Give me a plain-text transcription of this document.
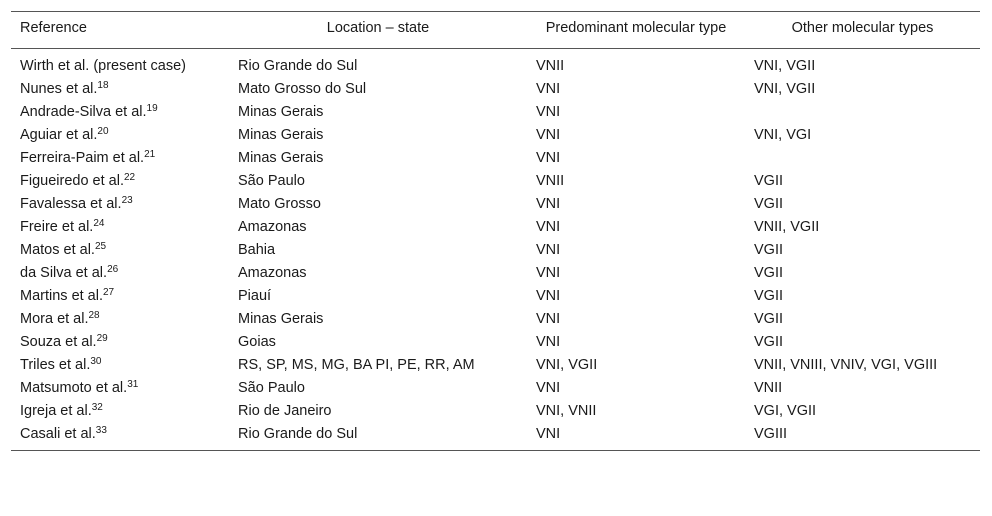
Reference	Location – state	Predominant molecular type	Other molecular types
Wirth et al. (present case)	Rio Grande do Sul	VNII	VNI, VGII
Nunes et al.$^{18}$	Mato Grosso do Sul	VNI	VNI, VGII
Andrade-Silva et al.$^{19}$	Minas Gerais	VNI	
Aguiar et al.$^{20}$	Minas Gerais	VNI	VNI, VGI
Ferreira-Paim et al.$^{21}$	Minas Gerais	VNI	
Figueiredo et al.$^{22}$	São Paulo	VNII	VGII
Favalessa et al.$^{23}$	Mato Grosso	VNI	VGII
Freire et al.$^{24}$	Amazonas	VNI	VNII, VGII
Matos et al.$^{25}$	Bahia	VNI	VGII
da Silva et al.$^{26}$	Amazonas	VNI	VGII
Martins et al.$^{27}$	Piauí	VNI	VGII
Mora et al.$^{28}$	Minas Gerais	VNI	VGII
Souza et al.$^{29}$	Goias	VNI	VGII
Triles et al.$^{30}$	RS, SP, MS, MG, BA PI, PE, RR, AM	VNI, VGII	VNII, VNIII, VNIV, VGI, VGIII
Matsumoto et al.$^{31}$	São Paulo	VNI	VNII
Igreja et al.$^{32}$	Rio de Janeiro	VNI, VNII	VGI, VGII
Casali et al.$^{33}$	Rio Grande do Sul	VNI	VGIII
